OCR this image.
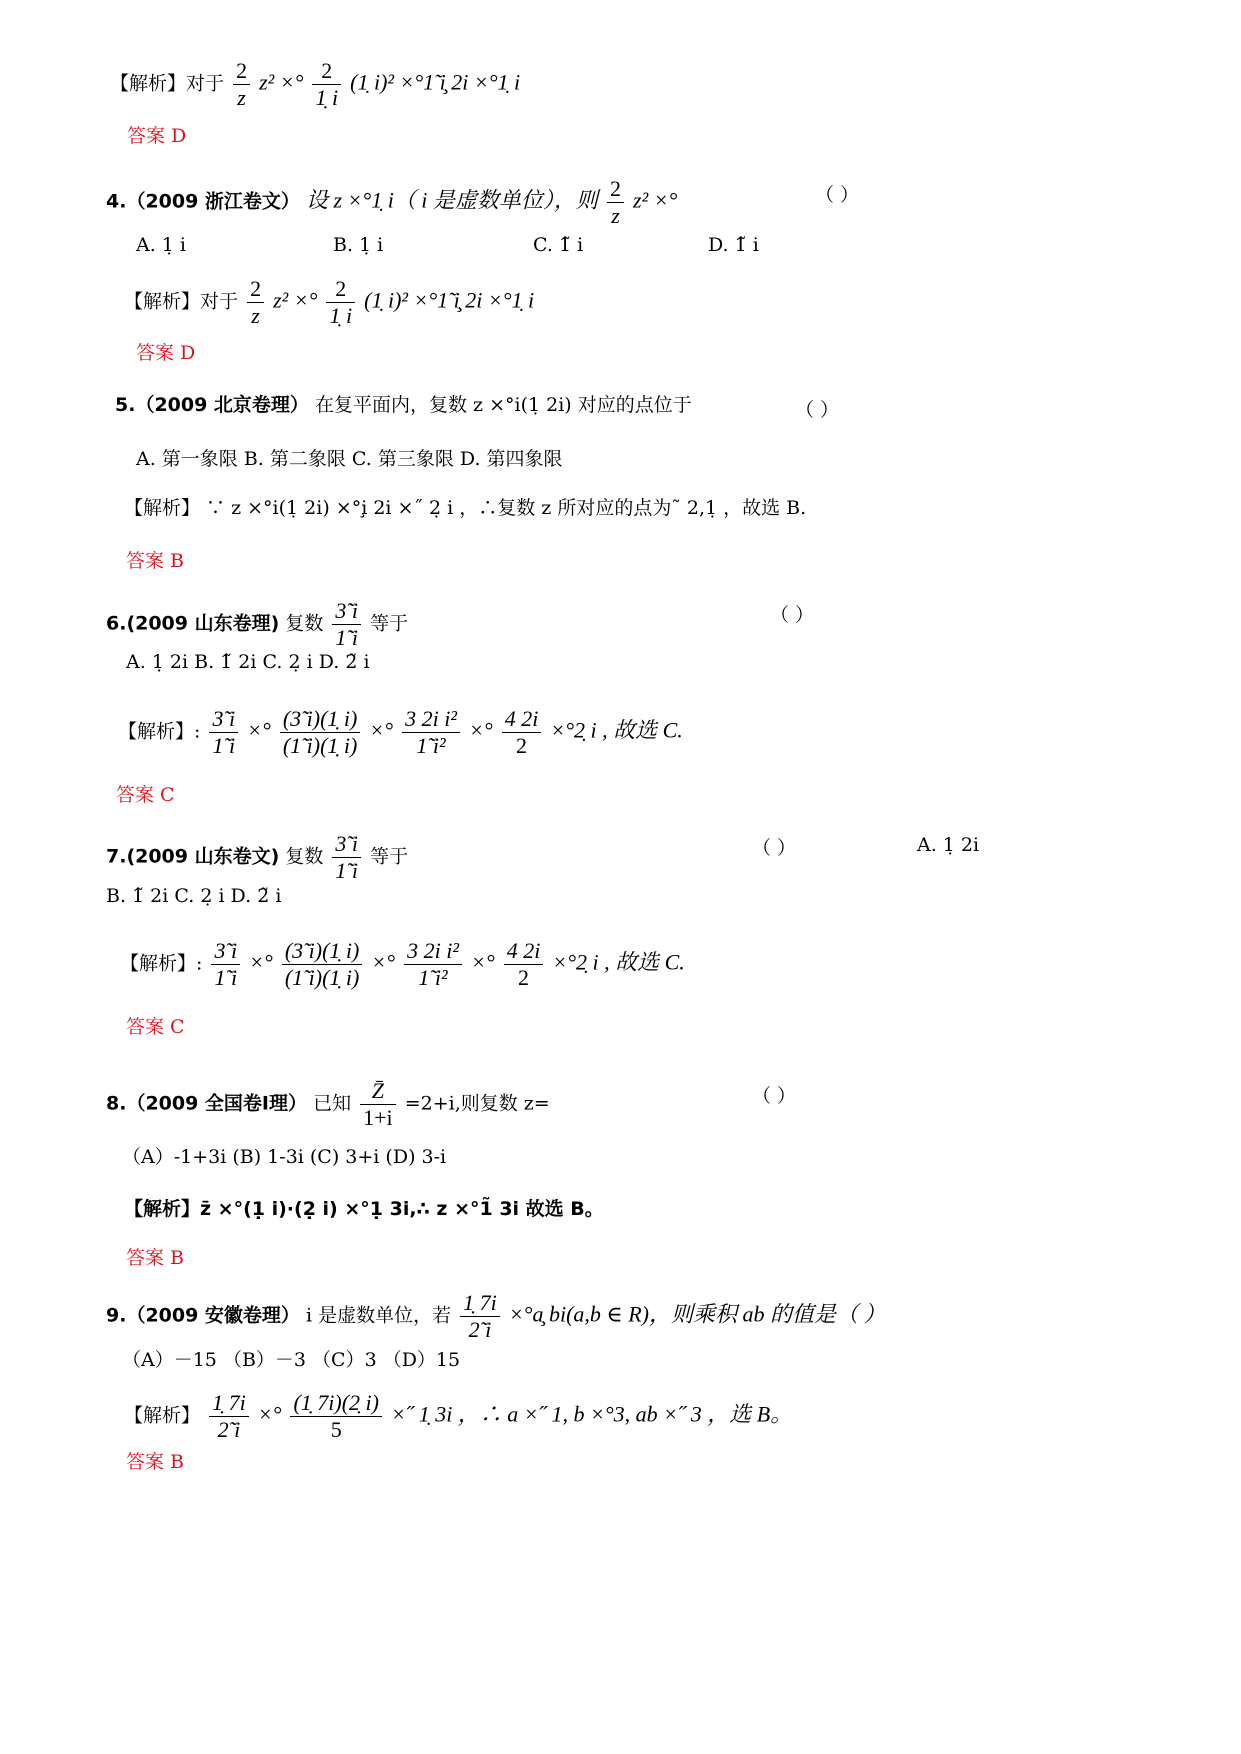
【解析】对于 $\frac{2}{z} z^2$ ×° $\frac{2}{1̣ i}$ (1̣ i)² ×°1̃ i̧ 2i ×°1̣ i
答案 D
4.（2009 浙江卷文） 设 z ×°1̣ i（ i 是虚数单位），则 $\frac{2}{z} z^2$ ×°	（ ）
A. 1̣ i	B. 1̣ i	C. 1̃ i	D. 1̃ i
【解析】对于 $\frac{2}{z} z^2$ ×° $\frac{2}{1̣ i}$ (1̣ i)² ×°1̃ i̧ 2i ×°1̣ i
答案 D
5.（2009 北京卷理） 在复平面内，复数 z ×°i(1̣ 2i) 对应的点位于	（ ）
A. 第一象限 B. 第二象限 C. 第三象限 D. 第四象限
【解析】 ∵ z ×°i(1̣ 2i) ×°i̧ 2i ×˝ 2̣ i ，∴复数 z 所对应的点为˜ 2,1̣ ，故选 B.
答案 B
6.(2009 山东卷理) 复数 $\frac{3̃ i}{1̃ i}$ 等于	（ ）
A. 1̣ 2i B. 1̃ 2i C. 2̣ i D. 2̃ i
【解析】: $\frac{3̃ i}{1̃ i}$ ×° $\frac{(3̃ i)(1̣ i)}{(1̃ i)(1̣ i)}$ ×° $\frac{\text{3 2i i²}}{\text{1̃ i²}}$ ×° $\frac{4 2i}{2}$ ×°2̣ i , 故选 C.
答案 C
7.(2009 山东卷文) 复数 $\frac{3̃ i}{1̃ i}$ 等于	（ ）	A. 1̣ 2i
B. 1̃ 2i C. 2̣ i D. 2̃ i
【解析】: $\frac{3̃ i}{1̃ i}$ ×° $\frac{(3̃ i)(1̣ i)}{(1̃ i)(1̣ i)}$ ×° $\frac{\text{3 2i i²}}{\text{1̃ i²}}$ ×° $\frac{4 2i}{2}$ ×°2̣ i , 故选 C.
答案 C
8.（2009 全国卷Ⅰ理） 已知 $\frac{Z̄}{1+i} =2+i$,则复数 z=	（ ）
（A）-1+3i (B) 1-3i (C) 3+i (D) 3-i
【解析】z̄ ×°(1̣ i)·(2̣ i) ×°1̣ 3i,∴ z ×°1̃ 3i 故选 B。
答案 B
9.（2009 安徽卷理） i 是虚数单位，若 $\frac{1̣ 7i}{2̃ i}$ ×°a̧ bi(a,b ∈ R)，则乘积 ab 的值是（ ）
（A）－15 （B）－3 （C）3 （D）15
【解析】 $\frac{1̣ 7i}{2̃ i}$ ×° $\frac{(1̣ 7i)(2̣ i)}{5}$ ×˝ 1̣ 3i ，∴ a ×˝ 1, b ×°3, ab ×˝ 3 ，选 B。
答案 B
